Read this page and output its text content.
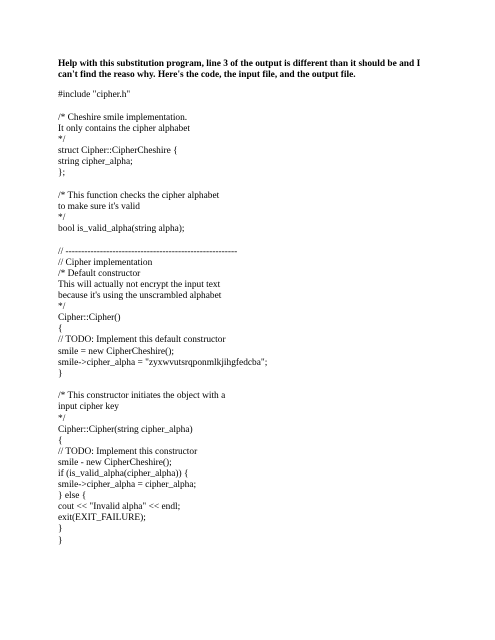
Help with this substitution program, line 3 of the output is different than it should be and I
can't find the reaso why. Here's the code, the input file, and the output file.
#include "cipher.h"
/* Cheshire smile implementation.
It only contains the cipher alphabet
*/
struct Cipher::CipherCheshire {
string cipher_alpha;
};
/* This function checks the cipher alphabet
to make sure it's valid
*/
bool is_valid_alpha(string alpha);
// -------------------------------------------------------
// Cipher implementation
/* Default constructor
This will actually not encrypt the input text
because it's using the unscrambled alphabet
*/
Cipher::Cipher()
{
// TODO: Implement this default constructor
smile = new CipherCheshire();
smile->cipher_alpha = "zyxwvutsrqponmlkjihgfedcba";
}
/* This constructor initiates the object with a
input cipher key
*/
Cipher::Cipher(string cipher_alpha)
{
// TODO: Implement this constructor
smile - new CipherCheshire();
if (is_valid_alpha(cipher_alpha)) {
smile->cipher_alpha = cipher_alpha;
} else {
cout << "Invalid alpha" << endl;
exit(EXIT_FAILURE);
}
}
